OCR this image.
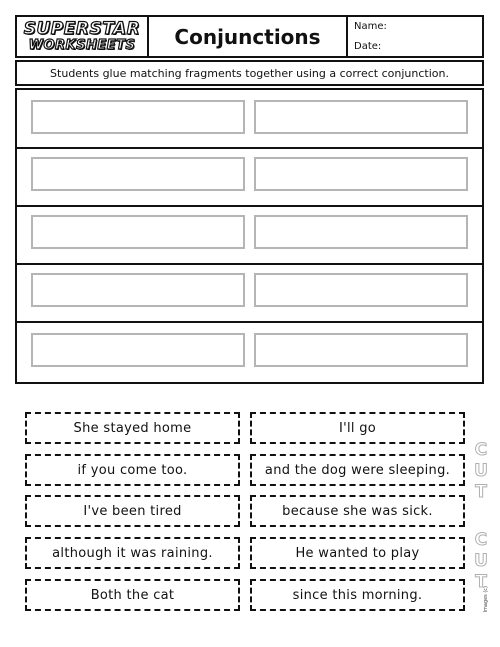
SUPERSTAR
WORKSHEETS	Conjunctions	Name:
Date:
Students glue matching fragments together using a correct conjunction.
She stayed home	I'll go
if you come too.	and the dog were sleeping.
I've been tired	because she was sick.
although it was raining.	He wanted to play
Both the cat	since this morning.
CUT
CUT
Images (c)
